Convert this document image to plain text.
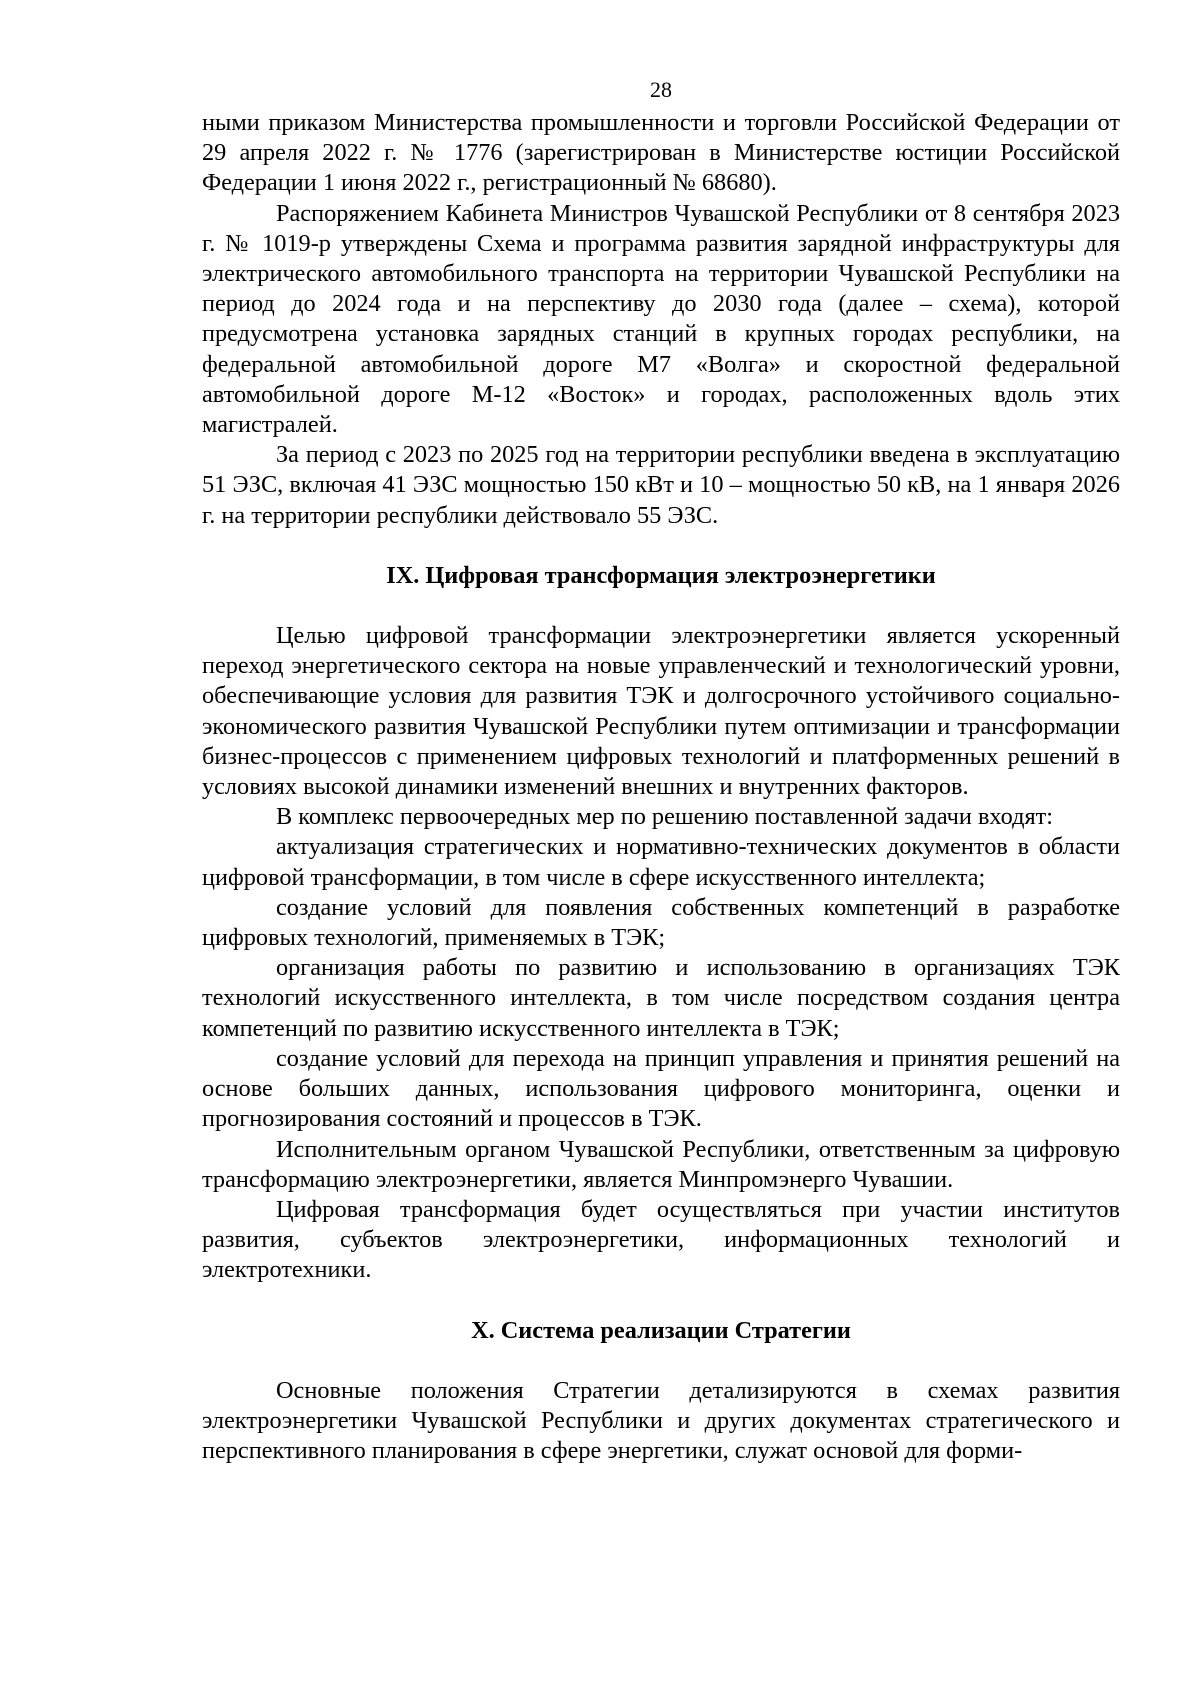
28

ными приказом Министерства промышленности и торговли Российской Федерации от 29 апреля 2022 г. № 1776 (зарегистрирован в Министерстве юстиции Российской Федерации 1 июня 2022 г., регистрационный № 68680).

Распоряжением Кабинета Министров Чувашской Республики от 8 сентября 2023 г. № 1019-р утверждены Схема и программа развития зарядной инфраструктуры для электрического автомобильного транспорта на территории Чувашской Республики на период до 2024 года и на перспективу до 2030 года (далее – схема), которой предусмотрена установка зарядных станций в крупных городах республики, на федеральной автомобильной дороге М7 «Волга» и скоростной федеральной автомобильной дороге М-12 «Восток» и городах, расположенных вдоль этих магистралей.

За период с 2023 по 2025 год на территории республики введена в эксплуатацию 51 ЭЗС, включая 41 ЭЗС мощностью 150 кВт и 10 – мощностью 50 кВ, на 1 января 2026 г. на территории республики действовало 55 ЭЗС.

IX. Цифровая трансформация электроэнергетики

Целью цифровой трансформации электроэнергетики является ускоренный переход энергетического сектора на новые управленческий и технологический уровни, обеспечивающие условия для развития ТЭК и долгосрочного устойчивого социально-экономического развития Чувашской Республики путем оптимизации и трансформации бизнес-процессов с применением цифровых технологий и платформенных решений в условиях высокой динамики изменений внешних и внутренних факторов.

В комплекс первоочередных мер по решению поставленной задачи входят:

актуализация стратегических и нормативно-технических документов в области цифровой трансформации, в том числе в сфере искусственного интеллекта;

создание условий для появления собственных компетенций в разработке цифровых технологий, применяемых в ТЭК;

организация работы по развитию и использованию в организациях ТЭК технологий искусственного интеллекта, в том числе посредством создания центра компетенций по развитию искусственного интеллекта в ТЭК;

создание условий для перехода на принцип управления и принятия решений на основе больших данных, использования цифрового мониторинга, оценки и прогнозирования состояний и процессов в ТЭК.

Исполнительным органом Чувашской Республики, ответственным за цифровую трансформацию электроэнергетики, является Минпромэнерго Чувашии.

Цифровая трансформация будет осуществляться при участии институтов развития, субъектов электроэнергетики, информационных технологий и электротехники.

X. Система реализации Стратегии

Основные положения Стратегии детализируются в схемах развития электроэнергетики Чувашской Республики и других документах стратегического и перспективного планирования в сфере энергетики, служат основой для форми-
